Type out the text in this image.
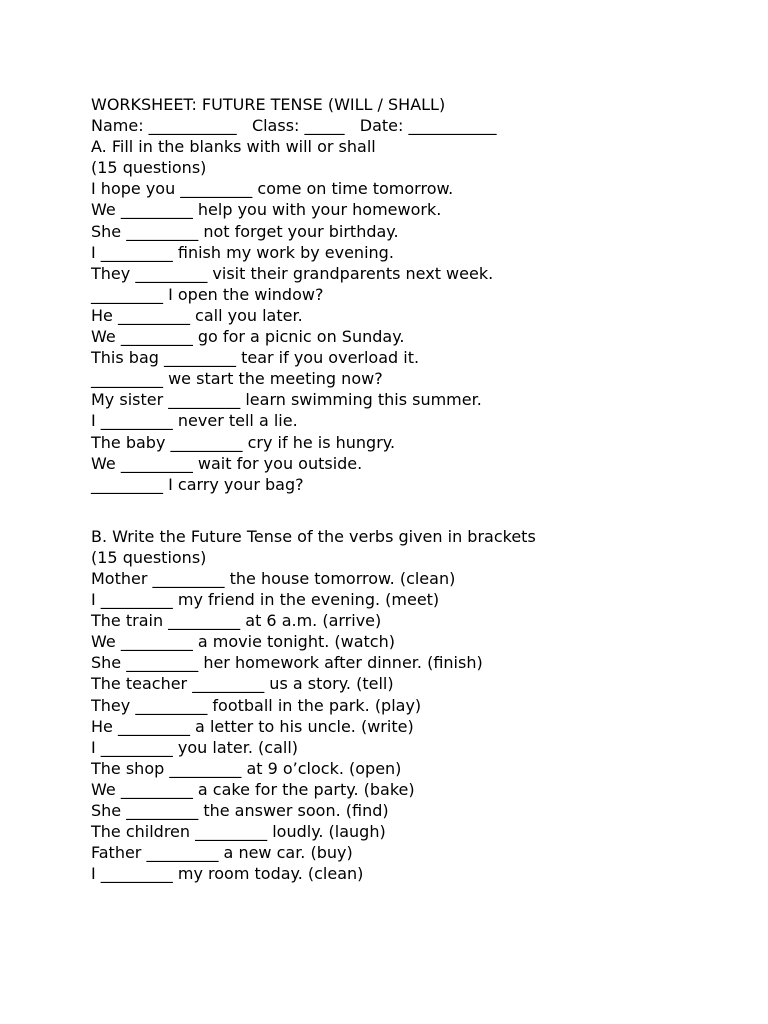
WORKSHEET: FUTURE TENSE (WILL / SHALL)
Name: ___________   Class: _____   Date: ___________
A. Fill in the blanks with will or shall
(15 questions)
I hope you _________ come on time tomorrow.
We _________ help you with your homework.
She _________ not forget your birthday.
I _________ finish my work by evening.
They _________ visit their grandparents next week.
_________ I open the window?
He _________ call you later.
We _________ go for a picnic on Sunday.
This bag _________ tear if you overload it.
_________ we start the meeting now?
My sister _________ learn swimming this summer.
I _________ never tell a lie.
The baby _________ cry if he is hungry.
We _________ wait for you outside.
_________ I carry your bag?
B. Write the Future Tense of the verbs given in brackets
(15 questions)
Mother _________ the house tomorrow. (clean)
I _________ my friend in the evening. (meet)
The train _________ at 6 a.m. (arrive)
We _________ a movie tonight. (watch)
She _________ her homework after dinner. (finish)
The teacher _________ us a story. (tell)
They _________ football in the park. (play)
He _________ a letter to his uncle. (write)
I _________ you later. (call)
The shop _________ at 9 o’clock. (open)
We _________ a cake for the party. (bake)
She _________ the answer soon. (find)
The children _________ loudly. (laugh)
Father _________ a new car. (buy)
I _________ my room today. (clean)
